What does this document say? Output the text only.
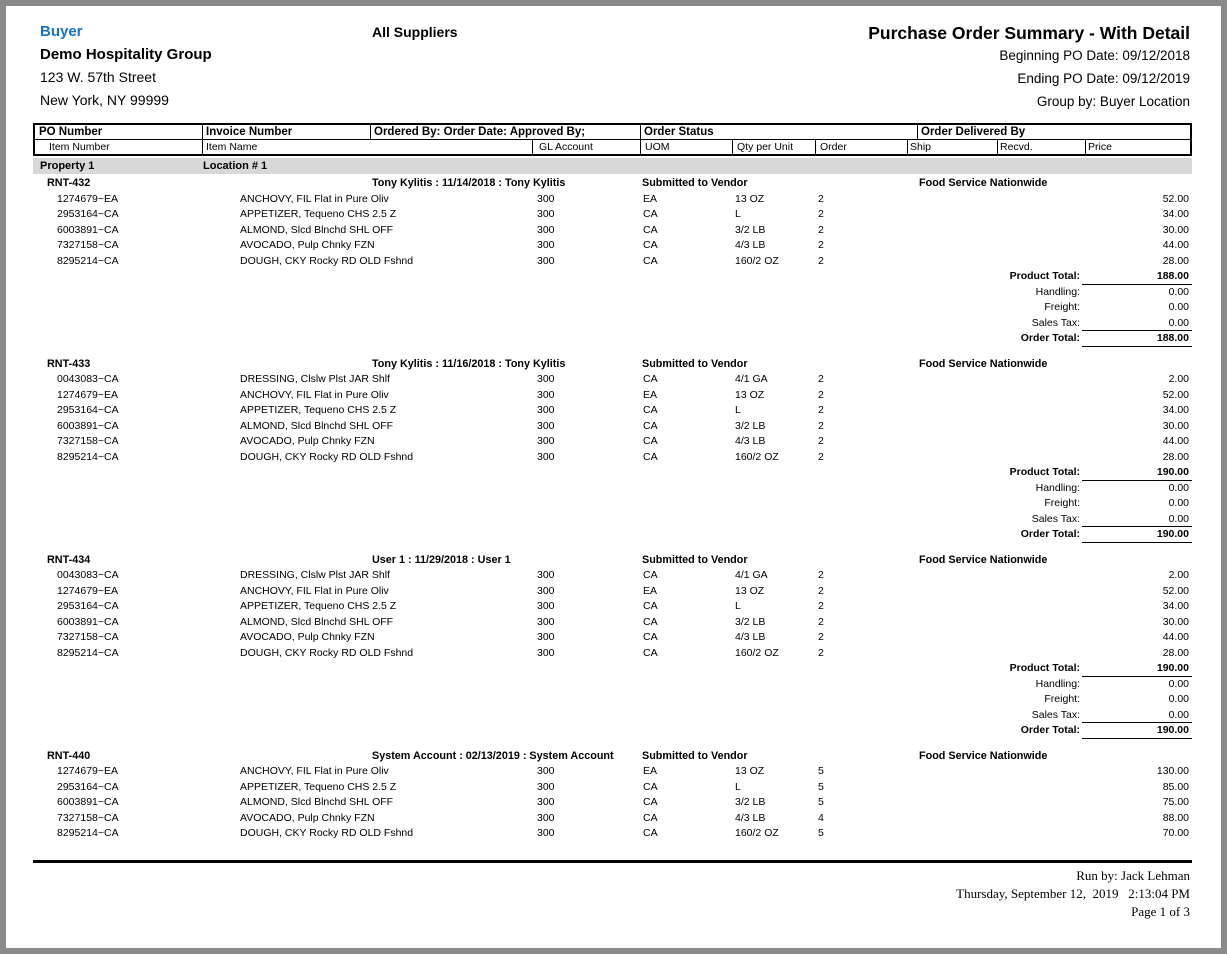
Buyer
Demo Hospitality Group
123 W. 57th Street
New York, NY 99999
All Suppliers	Purchase Order Summary - With Detail
Beginning PO Date: 09/12/2018
Ending PO Date: 09/12/2019
Group by: Buyer Location
PO Number	Invoice Number	Ordered By: Order Date: Approved By;	Order Status	Order Delivered By
Item Number	Item Name	GL Account	UOM	Qty per Unit	Order	Ship	Recvd.	Price
Property 1	Location # 1
RNT-432	Tony Kylitis : 11/14/2018 : Tony Kylitis	Submitted to Vendor	Food Service Nationwide
1274679~EA	ANCHOVY, FIL Flat in Pure Oliv	300	EA	13 OZ	2	52.00
2953164~CA	APPETIZER, Tequeno CHS 2.5 Z	300	CA	L	2	34.00
6003891~CA	ALMOND, Slcd Blnchd SHL OFF	300	CA	3/2 LB	2	30.00
7327158~CA	AVOCADO, Pulp Chnky FZN	300	CA	4/3 LB	2	44.00
8295214~CA	DOUGH, CKY Rocky RD OLD Fshnd	300	CA	160/2 OZ	2	28.00
Product Total:	188.00
Handling:	0.00
Freight:	0.00
Sales Tax:	0.00
Order Total:	188.00
RNT-433	Tony Kylitis : 11/16/2018 : Tony Kylitis	Submitted to Vendor	Food Service Nationwide
0043083~CA	DRESSING, Clslw Plst JAR Shlf	300	CA	4/1 GA	2	2.00
1274679~EA	ANCHOVY, FIL Flat in Pure Oliv	300	EA	13 OZ	2	52.00
2953164~CA	APPETIZER, Tequeno CHS 2.5 Z	300	CA	L	2	34.00
6003891~CA	ALMOND, Slcd Blnchd SHL OFF	300	CA	3/2 LB	2	30.00
7327158~CA	AVOCADO, Pulp Chnky FZN	300	CA	4/3 LB	2	44.00
8295214~CA	DOUGH, CKY Rocky RD OLD Fshnd	300	CA	160/2 OZ	2	28.00
Product Total:	190.00
Handling:	0.00
Freight:	0.00
Sales Tax:	0.00
Order Total:	190.00
RNT-434	User 1 : 11/29/2018 : User 1	Submitted to Vendor	Food Service Nationwide
0043083~CA	DRESSING, Clslw Plst JAR Shlf	300	CA	4/1 GA	2	2.00
1274679~EA	ANCHOVY, FIL Flat in Pure Oliv	300	EA	13 OZ	2	52.00
2953164~CA	APPETIZER, Tequeno CHS 2.5 Z	300	CA	L	2	34.00
6003891~CA	ALMOND, Slcd Blnchd SHL OFF	300	CA	3/2 LB	2	30.00
7327158~CA	AVOCADO, Pulp Chnky FZN	300	CA	4/3 LB	2	44.00
8295214~CA	DOUGH, CKY Rocky RD OLD Fshnd	300	CA	160/2 OZ	2	28.00
Product Total:	190.00
Handling:	0.00
Freight:	0.00
Sales Tax:	0.00
Order Total:	190.00
RNT-440	System Account : 02/13/2019 : System Account	Submitted to Vendor	Food Service Nationwide
1274679~EA	ANCHOVY, FIL Flat in Pure Oliv	300	EA	13 OZ	5	130.00
2953164~CA	APPETIZER, Tequeno CHS 2.5 Z	300	CA	L	5	85.00
6003891~CA	ALMOND, Slcd Blnchd SHL OFF	300	CA	3/2 LB	5	75.00
7327158~CA	AVOCADO, Pulp Chnky FZN	300	CA	4/3 LB	4	88.00
8295214~CA	DOUGH, CKY Rocky RD OLD Fshnd	300	CA	160/2 OZ	5	70.00
Run by: Jack Lehman
Thursday, September 12,  2019   2:13:04 PM
Page 1 of 3
